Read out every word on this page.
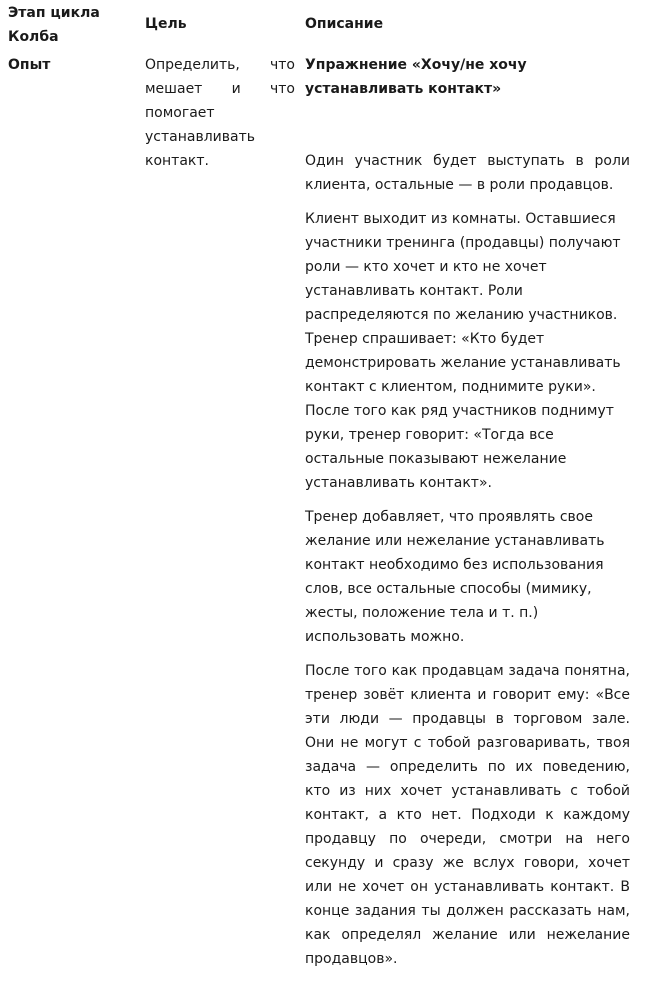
Этап цикла Колба
Цель	Описание
Опыт	Определить, что мешает и что помогает устанавливать контакт.
Упражнение «Хочу/не хочу устанавливать контакт»

Один участник будет выступать в роли клиента, остальные — в роли продавцов.

Клиент выходит из комнаты. Оставшиеся участники тренинга (продавцы) получают роли — кто хочет и кто не хочет устанавливать контакт. Роли распределяются по желанию участников. Тренер спрашивает: «Кто будет демонстрировать желание устанавливать контакт с клиентом, поднимите руки». После того как ряд участников поднимут руки, тренер говорит: «Тогда все остальные показывают нежелание устанавливать контакт».

Тренер добавляет, что проявлять свое желание или нежелание устанавливать контакт необходимо без использования слов, все остальные способы (мимику, жесты, положение тела и т. п.) использовать можно.

После того как продавцам задача понятна, тренер зовёт клиента и говорит ему: «Все эти люди — продавцы в торговом зале. Они не могут с тобой разговаривать, твоя задача — определить по их поведению, кто из них хочет устанавливать с тобой контакт, а кто нет. Подходи к каждому продавцу по очереди, смотри на него секунду и сразу же вслух говори, хочет или не хочет он устанавливать контакт. В конце задания ты должен рассказать нам, как определял желание или нежелание продавцов».
